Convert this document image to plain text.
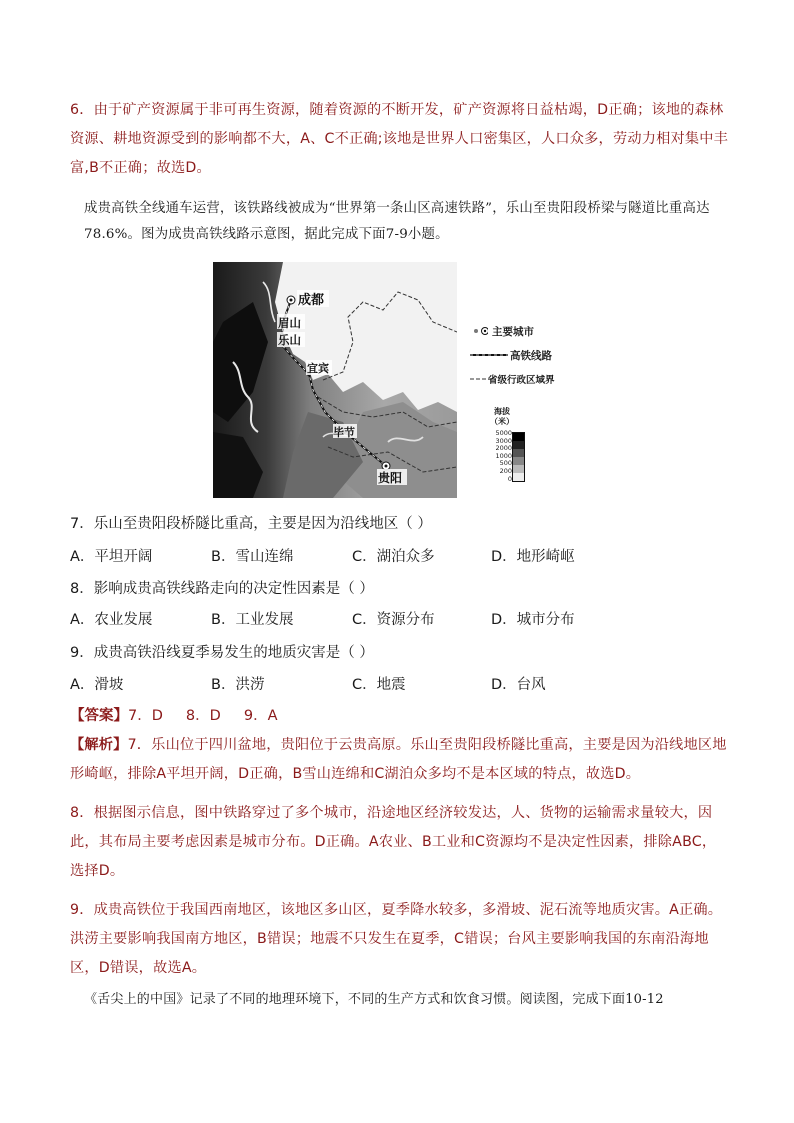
6．由于矿产资源属于非可再生资源，随着资源的不断开发，矿产资源将日益枯竭，D正确；该地的森林资源、耕地资源受到的影响都不大，A、C不正确;该地是世界人口密集区，人口众多，劳动力相对集中丰富,B不正确；故选D。
成贵高铁全线通车运营，该铁路线被成为“世界第一条山区高速铁路”，乐山至贵阳段桥梁与隧道比重高达78.6%。图为成贵高铁线路示意图，据此完成下面7-9小题。
成都
眉山
乐山
宜宾
毕节
贵阳
主要城市
高铁线路
省级行政区域界
海拔
（米）
5000
3000
2000
1000
500
200
0
7．乐山至贵阳段桥隧比重高，主要是因为沿线地区（ ）
A．平坦开阔	B．雪山连绵	C．湖泊众多	D．地形崎岖
8．影响成贵高铁线路走向的决定性因素是（ ）
A．农业发展	B．工业发展	C．资源分布	D．城市分布
9．成贵高铁沿线夏季易发生的地质灾害是（ ）
A．滑坡	B．洪涝	C．地震	D．台风
【答案】7．D     8．D     9．A
【解析】7．乐山位于四川盆地，贵阳位于云贵高原。乐山至贵阳段桥隧比重高，主要是因为沿线地区地形崎岖，排除A平坦开阔，D正确，B雪山连绵和C湖泊众多均不是本区域的特点，故选D。
8．根据图示信息，图中铁路穿过了多个城市，沿途地区经济较发达，人、货物的运输需求量较大，因此，其布局主要考虑因素是城市分布。D正确。A农业、B工业和C资源均不是决定性因素，排除ABC，选择D。
9．成贵高铁位于我国西南地区，该地区多山区，夏季降水较多，多滑坡、泥石流等地质灾害。A正确。洪涝主要影响我国南方地区，B错误；地震不只发生在夏季，C错误；台风主要影响我国的东南沿海地区，D错误，故选A。
《舌尖上的中国》记录了不同的地理环境下，不同的生产方式和饮食习惯。阅读图，完成下面10-12
